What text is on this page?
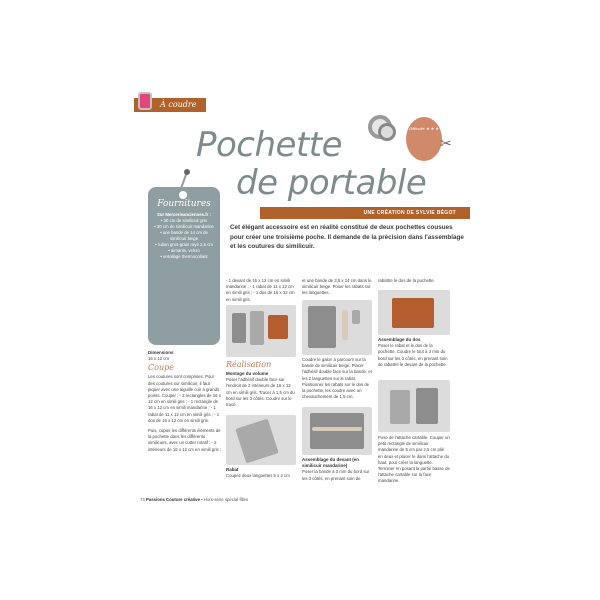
À coudre
Pochette
de portable
Difficulté ★ ★ ★
✂
UNE CRÉATION DE SYLVIE BÉGOT
Fournitures
Sur Mercerieanciennes.fr :
• 30 cm de similicuir gris
• 30 cm de similicuir mandarine
• une bande de 14 cm de similicuir beige
• ruban gros-grain rayé 2,5 cm
• aimants, velcro
• entoilage thermocollant
Cet élégant accessoire est en réalité constitué de deux pochettes cousues pour créer une troisième poche. Il demande de la précision dans l'assemblage et les coutures du similicuir.
Dimensions
16 x 12 cm
Coupe
Les coutures sont comprises. Pour des coutures sur similicuir, il faut piquer avec une aiguille cuir à grands points. Couper : - 2 rectangles de 16 x 12 cm en simili gris ; - 1 rectangle de 16 x 12 cm en simili mandarine ; - 1 rabat de 11 x 12 cm en simili gris ; - 1 dos de 16 x 12 cm en simili gris.
Puis, copier les différents éléments de la pochette dans les différents similicuirs, avec un cutter rotatif : - 2 intérieurs de 16 x 12 cm en simili gris ;
- 1 devant de 16 x 12 cm en simili mandarine ; - 1 rabat de 11 x 12 cm en simili gris ; - 1 dos de 16 x 12 cm en simili gris.
Réalisation
Montage du volume
Poser l'adhésif double face sur l'endroit de 2 intérieurs de 16 x 12 cm en simili gris. Tracer à 1,5 cm du bord sur les 3 côtés. Coudre sur le tracé.
Rabat
Coupez deux languettes 5 x 2 cm
et une bande de 3,5 x 14 cm dans le similicuir beige. Poser les rabats sur les languettes.
Coudre le galon à parcourir sur la bande de similicuir beige. Placer l'adhésif double face sur la bande, et les 2 languettes sur le rabat. Positionner les rabats sur le dos de la pochette, les coudre avec un chevauchement de 1,5 cm.
Assemblage du devant (en similicuir mandarine)
Poser la bande à 3 mm du bord sur les 3 côtés, en prenant soin de
rabattre le dos de la pochette.
Assemblage du dos
Poser le rabat et le dos de la pochette. Coudre le tout à 3 mm du bord sur les 3 côtés, en prenant soin de rabattre le devant de la pochette.
Pose de l'attache cartable. Couper un petit rectangle de similicuir mandarine de 5 cm par 2,5 cm plié en deux et placer le dans l'attache du haut, pour créer la languette. Terminer en posant la partie basse de l'attache cartable sur la face mandarine.
74 Passions Couture créative • Hors-série spécial filles
